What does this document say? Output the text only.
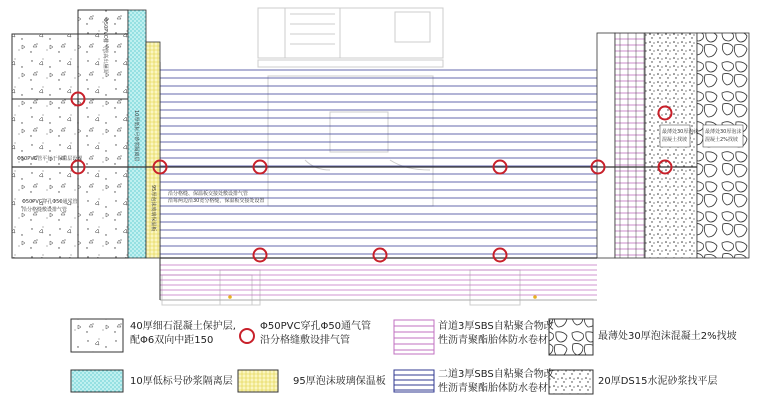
Φ50PVC管平行于保温层设置
Φ50PVC穿孔Φ50通气管
沿分格缝敷设排气管
Φ50PVC排气管高出屋面
10厚低标号砂浆隔离层
95厚泡沫玻璃保温板 沿分格缝、保温板交接处敷设排气管
沿每两边沿30宽分格缝，保温板交接处设置
最薄处30厚泡沫
混凝土找坡
最薄处30厚泡沫
混凝土2%找坡
40厚细石混凝土保护层,
配Φ6双向中距150
Φ50PVC穿孔Φ50通气管
沿分格缝敷设排气管
首道3厚SBS自粘聚合物改
性沥青聚酯胎体防水卷材	最薄处30厚泡沫混凝土2%找坡
10厚低标号砂浆隔离层	95厚泡沫玻璃保温板
二道3厚SBS自粘聚合物改
性沥青聚酯胎体防水卷材
20厚DS15水泥砂浆找平层
